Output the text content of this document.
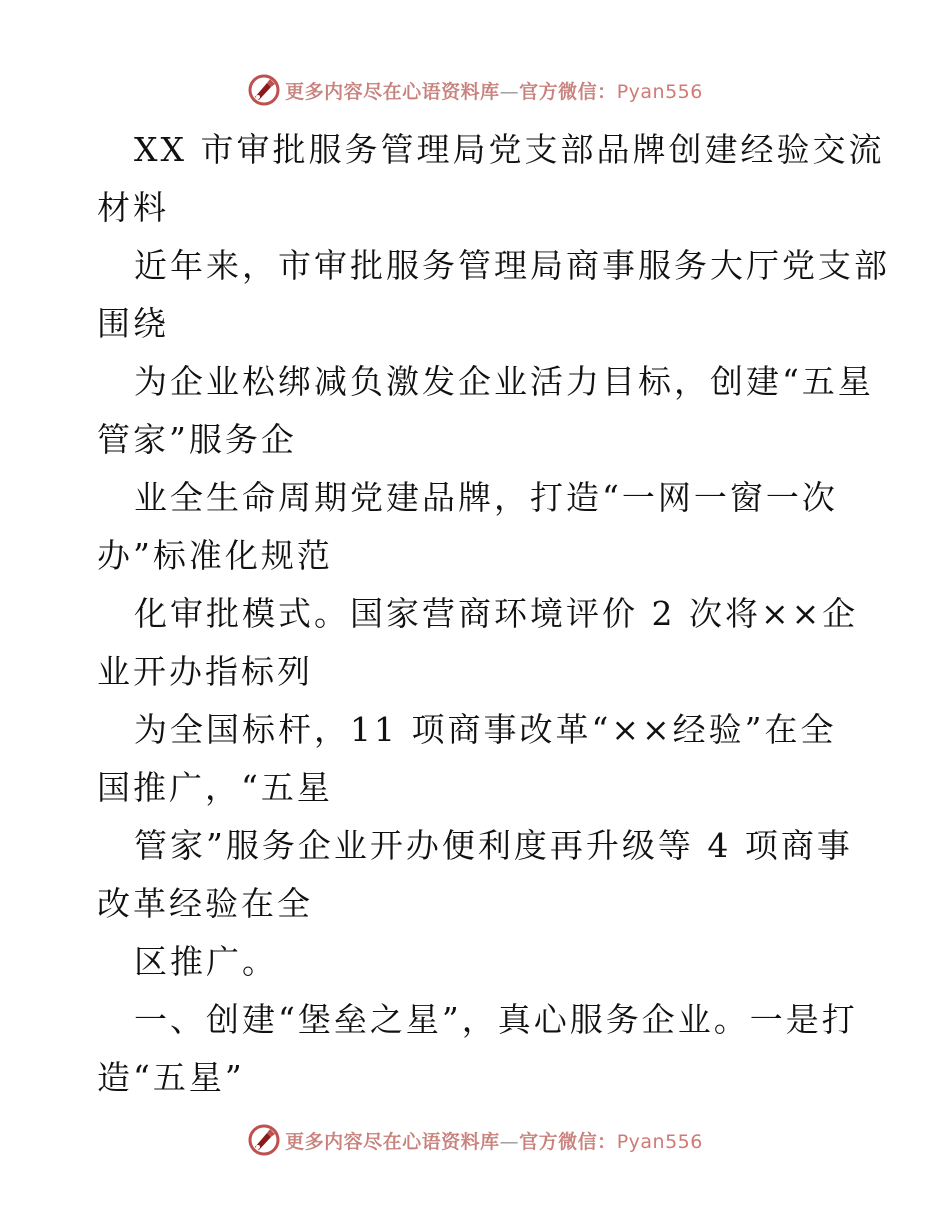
更多内容尽在心语资料库—官方微信：Pyan556
XX 市审批服务管理局党支部品牌创建经验交流
材料
近年来，市审批服务管理局商事服务大厅党支部
围绕
为企业松绑减负激发企业活力目标，创建“五星
管家”服务企
业全生命周期党建品牌，打造“一网一窗一次
办”标准化规范
化审批模式。国家营商环境评价 2 次将××企
业开办指标列
为全国标杆，11 项商事改革“××经验”在全
国推广，“五星
管家”服务企业开办便利度再升级等 4 项商事
改革经验在全
区推广。
一、创建“堡垒之星”，真心服务企业。一是打
造“五星”
更多内容尽在心语资料库—官方微信：Pyan556
